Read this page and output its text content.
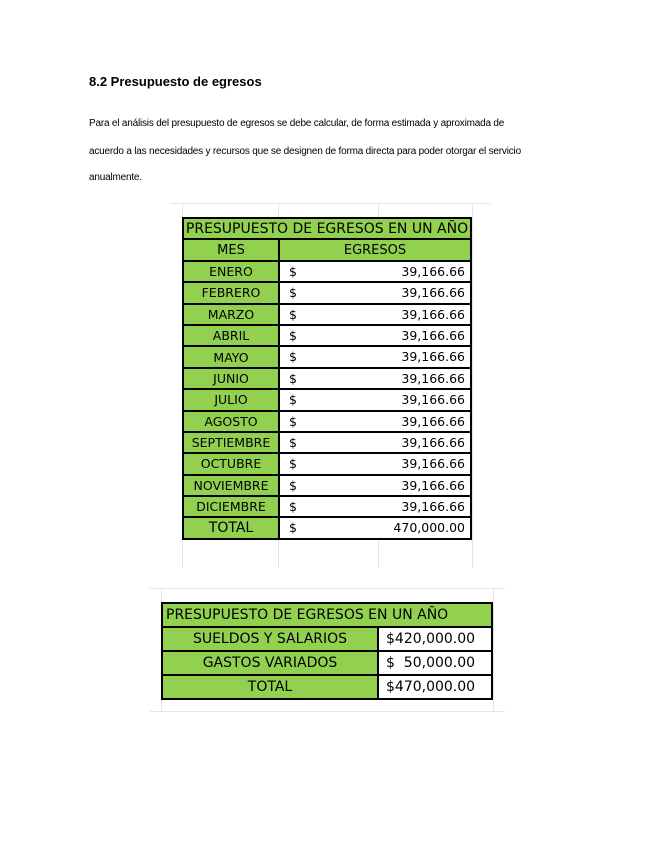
8.2 Presupuesto de egresos
Para el análisis del presupuesto de egresos se debe calcular, de forma estimada y aproximada de
acuerdo a las necesidades y recursos que se designen de forma directa para poder otorgar el servicio
anualmente.
PRESUPUESTO DE EGRESOS EN UN AÑO	
MES	EGRESOS
ENERO	$ 39,166.66

FEBRERO	$ 39,166.66

MARZO	$ 39,166.66

ABRIL	$ 39,166.66

MAYO	$ 39,166.66

JUNIO	$ 39,166.66

JULIO	$ 39,166.66

AGOSTO	$ 39,166.66

SEPTIEMBRE	$ 39,166.66

OCTUBRE	$ 39,166.66

NOVIEMBRE	$ 39,166.66

DICIEMBRE	$ 39,166.66

TOTAL	$ 470,000.00
PRESUPUESTO DE EGRESOS EN UN AÑO	
SUELDOS Y SALARIOS	$420,000.00
GASTOS VARIADOS	$  50,000.00
TOTAL	$470,000.00
